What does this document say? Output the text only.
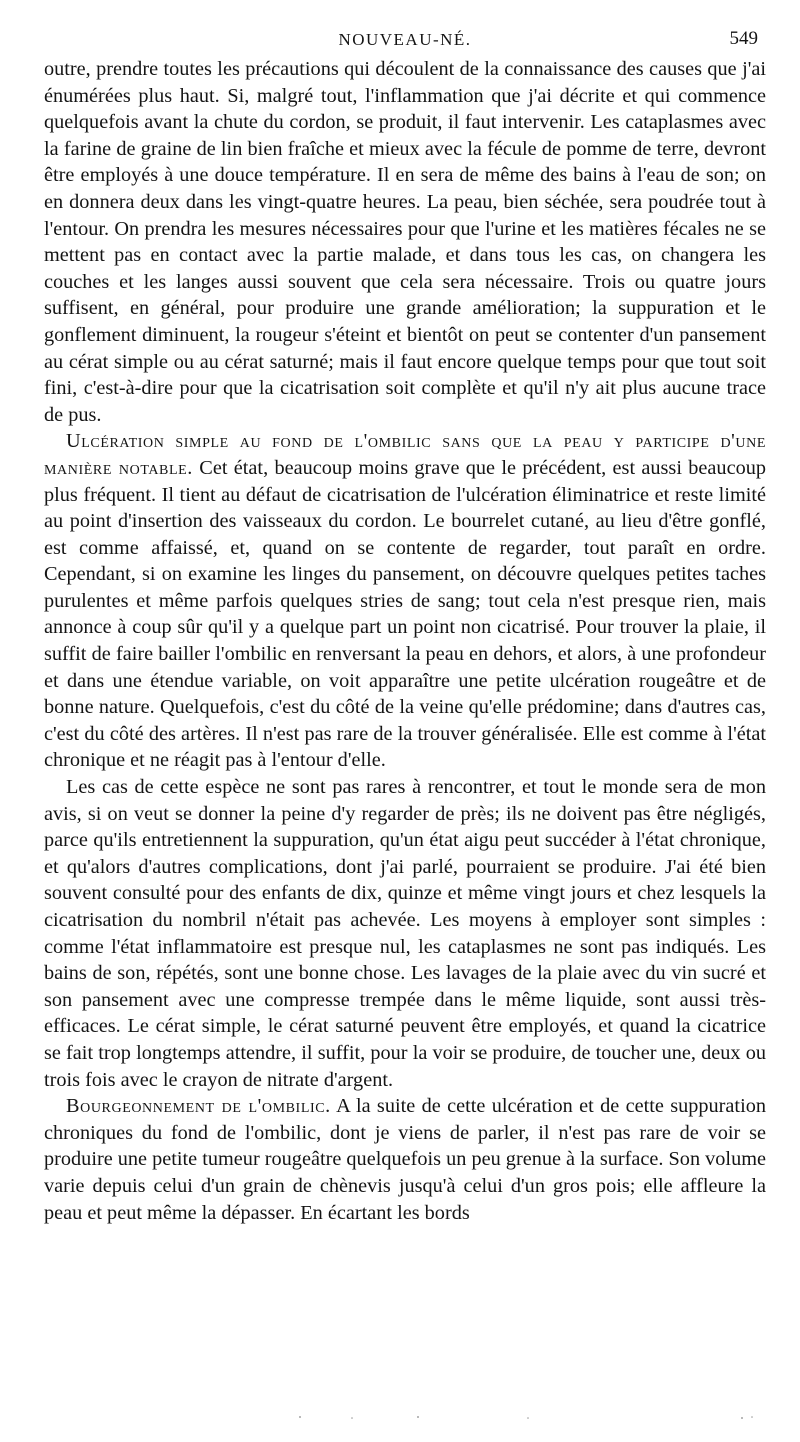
NOUVEAU-NÉ.	549

outre, prendre toutes les précautions qui découlent de la connaissance des causes que j'ai énumérées plus haut. Si, malgré tout, l'inflammation que j'ai décrite et qui commence quelquefois avant la chute du cordon, se produit, il faut intervenir. Les cataplasmes avec la farine de graine de lin bien fraîche et mieux avec la fécule de pomme de terre, devront être employés à une douce température. Il en sera de même des bains à l'eau de son; on en donnera deux dans les vingt-quatre heures. La peau, bien séchée, sera poudrée tout à l'entour. On prendra les mesures nécessaires pour que l'urine et les matières fécales ne se mettent pas en contact avec la partie malade, et dans tous les cas, on changera les couches et les langes aussi souvent que cela sera nécessaire. Trois ou quatre jours suffisent, en général, pour produire une grande amélioration; la suppuration et le gonflement diminuent, la rougeur s'éteint et bientôt on peut se contenter d'un pansement au cérat simple ou au cérat saturné; mais il faut encore quelque temps pour que tout soit fini, c'est-à-dire pour que la cicatrisation soit complète et qu'il n'y ait plus aucune trace de pus.

Ulcération simple au fond de l'ombilic sans que la peau y participe d'une manière notable. Cet état, beaucoup moins grave que le précédent, est aussi beaucoup plus fréquent. Il tient au défaut de cicatrisation de l'ulcération éliminatrice et reste limité au point d'insertion des vaisseaux du cordon. Le bourrelet cutané, au lieu d'être gonflé, est comme affaissé, et, quand on se contente de regarder, tout paraît en ordre. Cependant, si on examine les linges du pansement, on découvre quelques petites taches purulentes et même parfois quelques stries de sang; tout cela n'est presque rien, mais annonce à coup sûr qu'il y a quelque part un point non cicatrisé. Pour trouver la plaie, il suffit de faire bailler l'ombilic en renversant la peau en dehors, et alors, à une profondeur et dans une étendue variable, on voit apparaître une petite ulcération rougeâtre et de bonne nature. Quelquefois, c'est du côté de la veine qu'elle prédomine; dans d'autres cas, c'est du côté des artères. Il n'est pas rare de la trouver généralisée. Elle est comme à l'état chronique et ne réagit pas à l'entour d'elle.

Les cas de cette espèce ne sont pas rares à rencontrer, et tout le monde sera de mon avis, si on veut se donner la peine d'y regarder de près; ils ne doivent pas être négligés, parce qu'ils entretiennent la suppuration, qu'un état aigu peut succéder à l'état chronique, et qu'alors d'autres complications, dont j'ai parlé, pourraient se produire. J'ai été bien souvent consulté pour des enfants de dix, quinze et même vingt jours et chez lesquels la cicatrisation du nombril n'était pas achevée. Les moyens à employer sont simples : comme l'état inflammatoire est presque nul, les cataplasmes ne sont pas indiqués. Les bains de son, répétés, sont une bonne chose. Les lavages de la plaie avec du vin sucré et son pansement avec une compresse trempée dans le même liquide, sont aussi très-efficaces. Le cérat simple, le cérat saturné peuvent être employés, et quand la cicatrice se fait trop longtemps attendre, il suffit, pour la voir se produire, de toucher une, deux ou trois fois avec le crayon de nitrate d'argent.

Bourgeonnement de l'ombilic. A la suite de cette ulcération et de cette suppuration chroniques du fond de l'ombilic, dont je viens de parler, il n'est pas rare de voir se produire une petite tumeur rougeâtre quelquefois un peu grenue à la surface. Son volume varie depuis celui d'un grain de chènevis jusqu'à celui d'un gros pois; elle affleure la peau et peut même la dépasser. En écartant les bords
